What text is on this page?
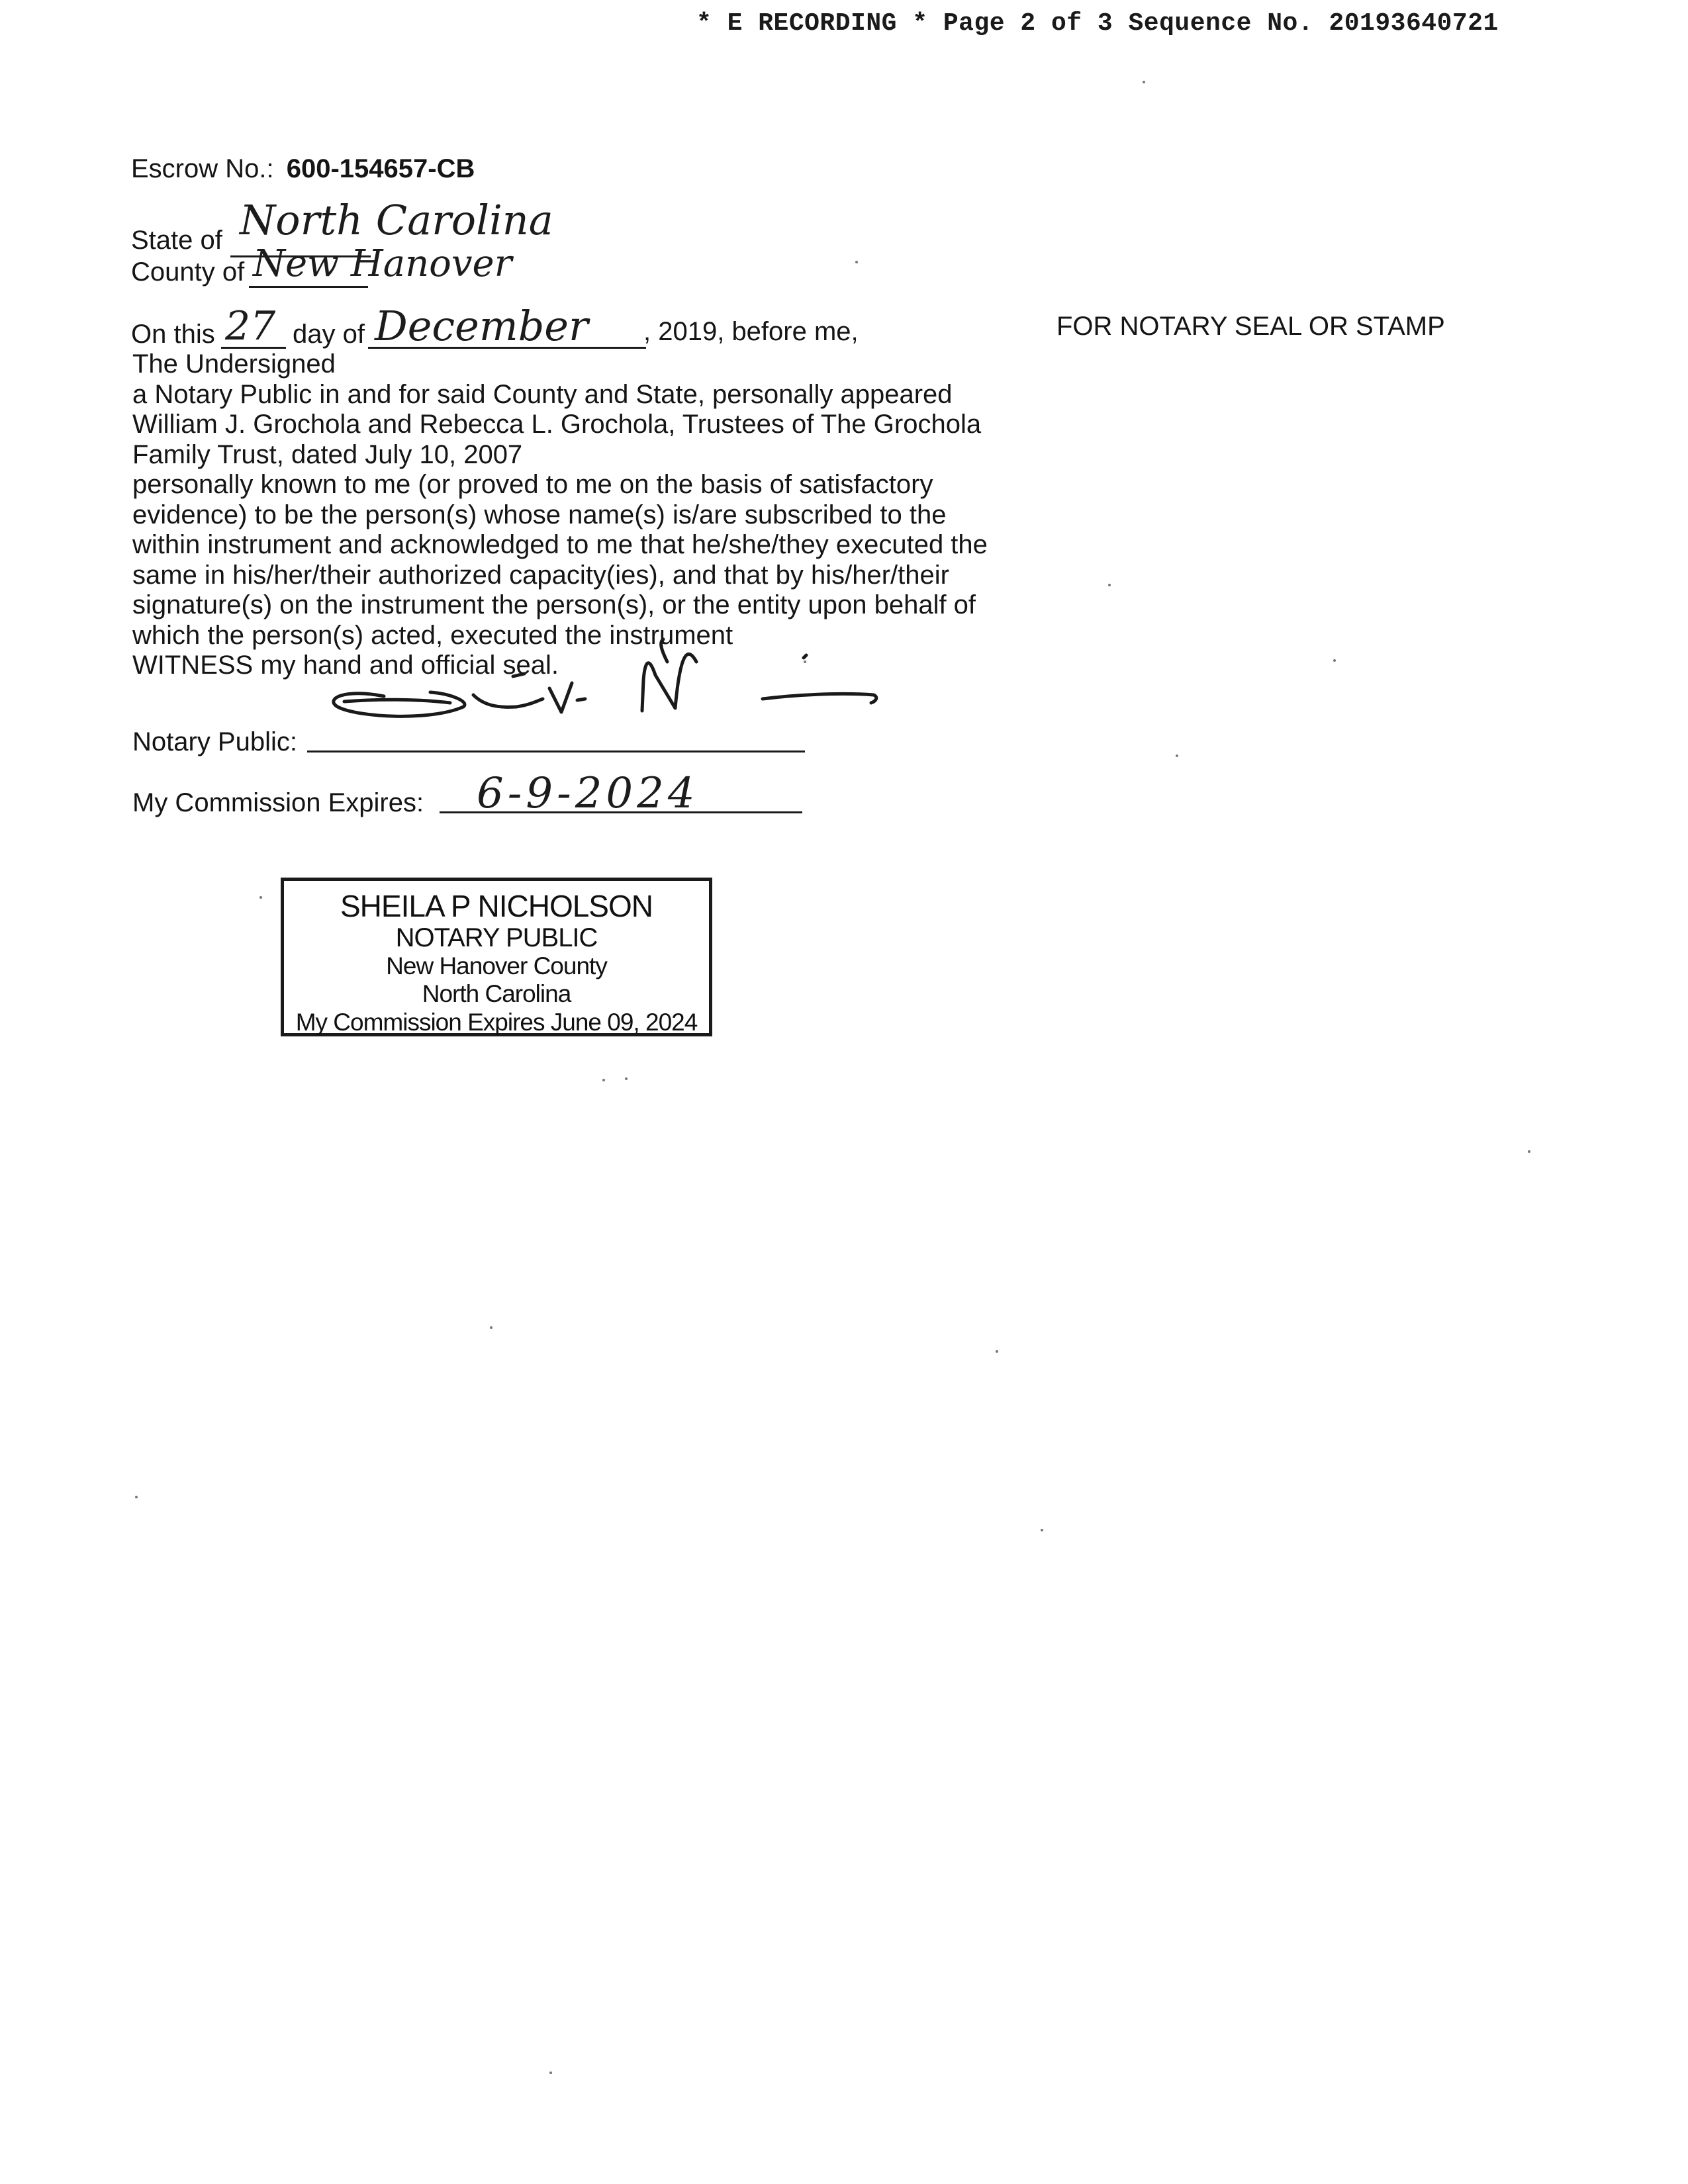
* E RECORDING * Page 2 of 3 Sequence No. 20193640721
Escrow No.: 600-154657-CB
State of North Carolina
County of New Hanover
On this 27 day of December , 2019, before me,	FOR NOTARY SEAL OR STAMP
The Undersigned
a Notary Public in and for said County and State, personally appeared
William J. Grochola and Rebecca L. Grochola, Trustees of The Grochola
Family Trust, dated July 10, 2007
personally known to me (or proved to me on the basis of satisfactory
evidence) to be the person(s) whose name(s) is/are subscribed to the
within instrument and acknowledged to me that he/she/they executed the
same in his/her/their authorized capacity(ies), and that by his/her/their
signature(s) on the instrument the person(s), or the entity upon behalf of
which the person(s) acted, executed the instrument
WITNESS my hand and official seal.
Notary Public:
My Commission Expires: 6-9-2024
SHEILA P NICHOLSON
NOTARY PUBLIC
New Hanover County
North Carolina
My Commission Expires June 09, 2024
